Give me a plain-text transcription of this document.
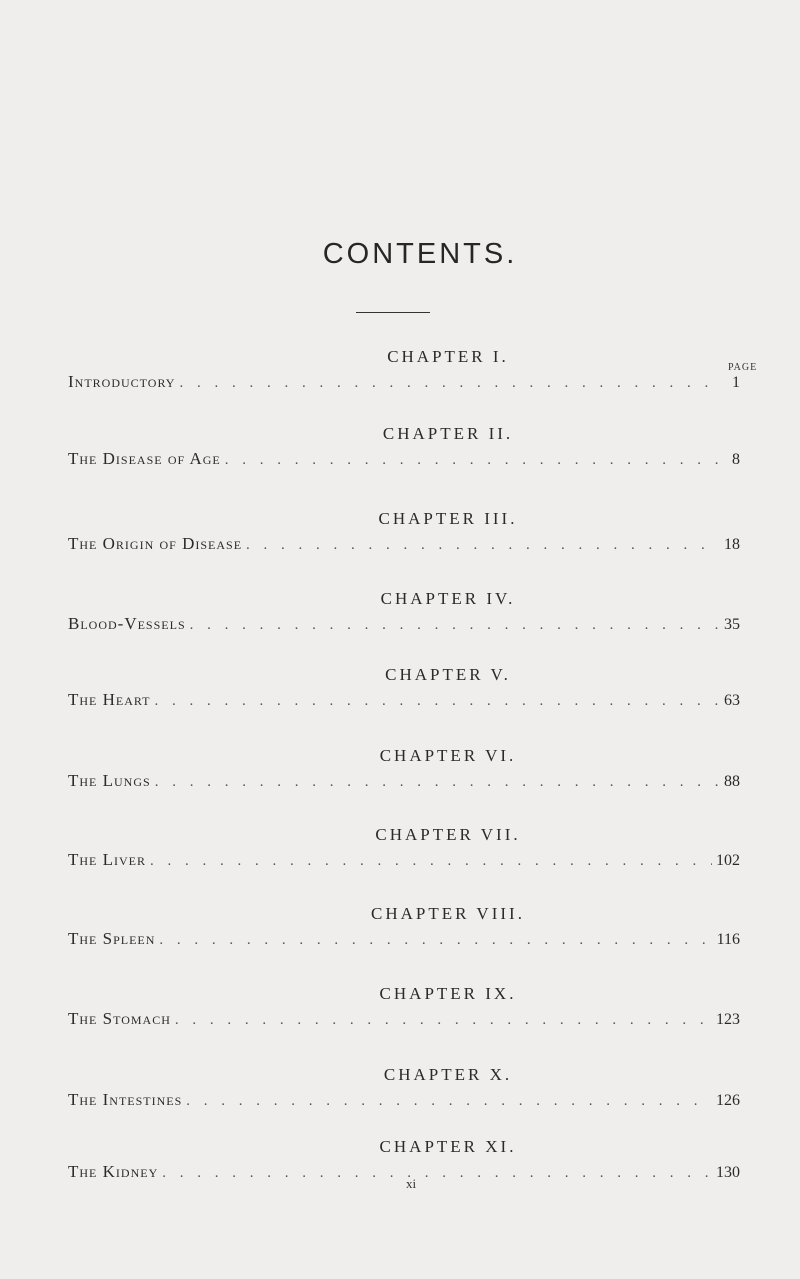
CONTENTS.
PAGE
CHAPTER I.
Introductory . . .	1
CHAPTER II.
The Disease of Age . . .	8
CHAPTER III.
The Origin of Disease . . .	18
CHAPTER IV.
Blood-Vessels . . .	35
CHAPTER V.
The Heart . . .	63
CHAPTER VI.
The Lungs . . .	88
CHAPTER VII.
The Liver . . .	102
CHAPTER VIII.
The Spleen . . .	116
CHAPTER IX.
The Stomach . . .	123
CHAPTER X.
The Intestines . . .	126
CHAPTER XI.
The Kidney . . .	130
xi
